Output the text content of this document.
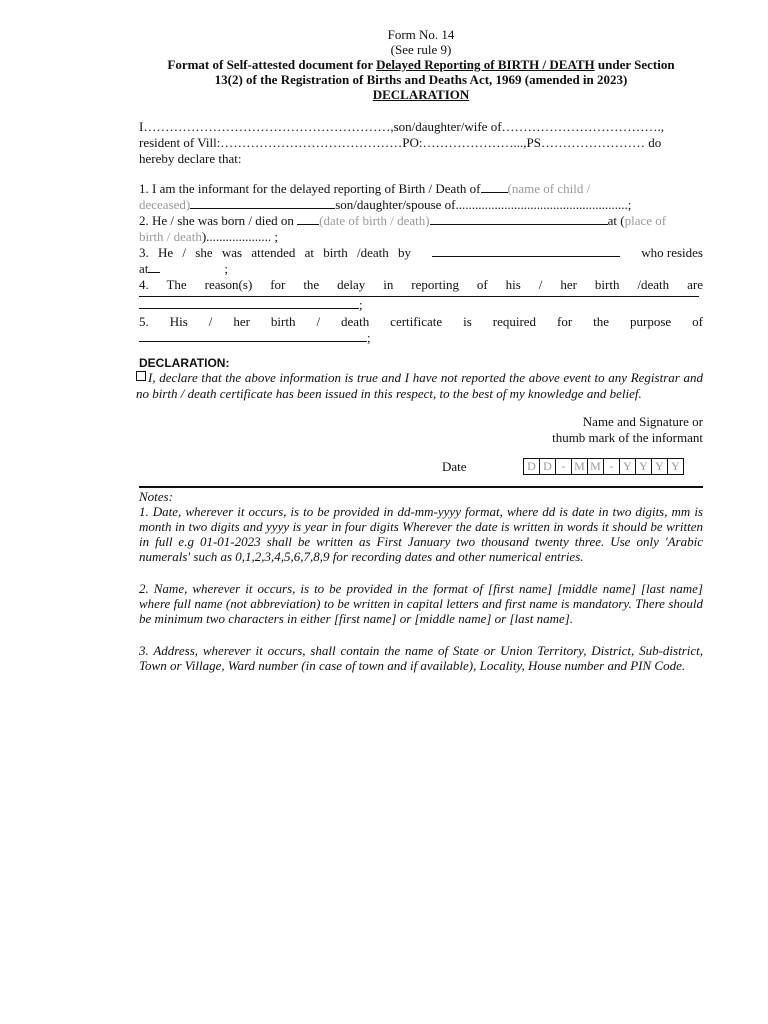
Form No. 14
(See rule 9)
Format of Self-attested document for Delayed Reporting of BIRTH / DEATH under Section
13(2) of the Registration of Births and Deaths Act, 1969 (amended in 2023)
DECLARATION
I…………………………………………………,son/daughter/wife of……………………………….,
resident of Vill:……………………………………PO:…………………...,PS…………………… do
hereby declare that:
1. I am the informant for the delayed reporting of Birth / Death of (name of child /
deceased)	son/daughter/spouse of.....................................................;
2. He / she was born / died on (date of birth / death)	at (place of
birth / death).................... ;
3. He / she was attended at birth /death by	who resides
at	;
4. The reason(s) for the delay in reporting of his / her birth /death are
;
5. His / her birth / death certificate is required for the purpose of
;
DECLARATION:
I, declare that the above information is true and I have not reported the above event to any Registrar and no birth / death certificate has been issued in this respect, to the best of my knowledge and belief.
Name and Signature or
thumb mark of the informant
Date	D D - M M - Y Y Y Y

Notes:

1. Date, wherever it occurs, is to be provided in dd-mm-yyyy format, where dd is date in two digits, mm is month in two digits and yyyy is year in four digits Wherever the date is written in words it should be written in full e.g 01-01-2023 shall be written as First January two thousand twenty three. Use only 'Arabic numerals' such as 0,1,2,3,4,5,6,7,8,9 for recording dates and other numerical entries.

2. Name, wherever it occurs, is to be provided in the format of [first name] [middle name] [last name] where full name (not abbreviation) to be written in capital letters and first name is mandatory. There should be minimum two characters in either [first name] or [middle name] or [last name].

3. Address, wherever it occurs, shall contain the name of State or Union Territory, District, Sub-district, Town or Village, Ward number (in case of town and if available), Locality, House number and PIN Code.
